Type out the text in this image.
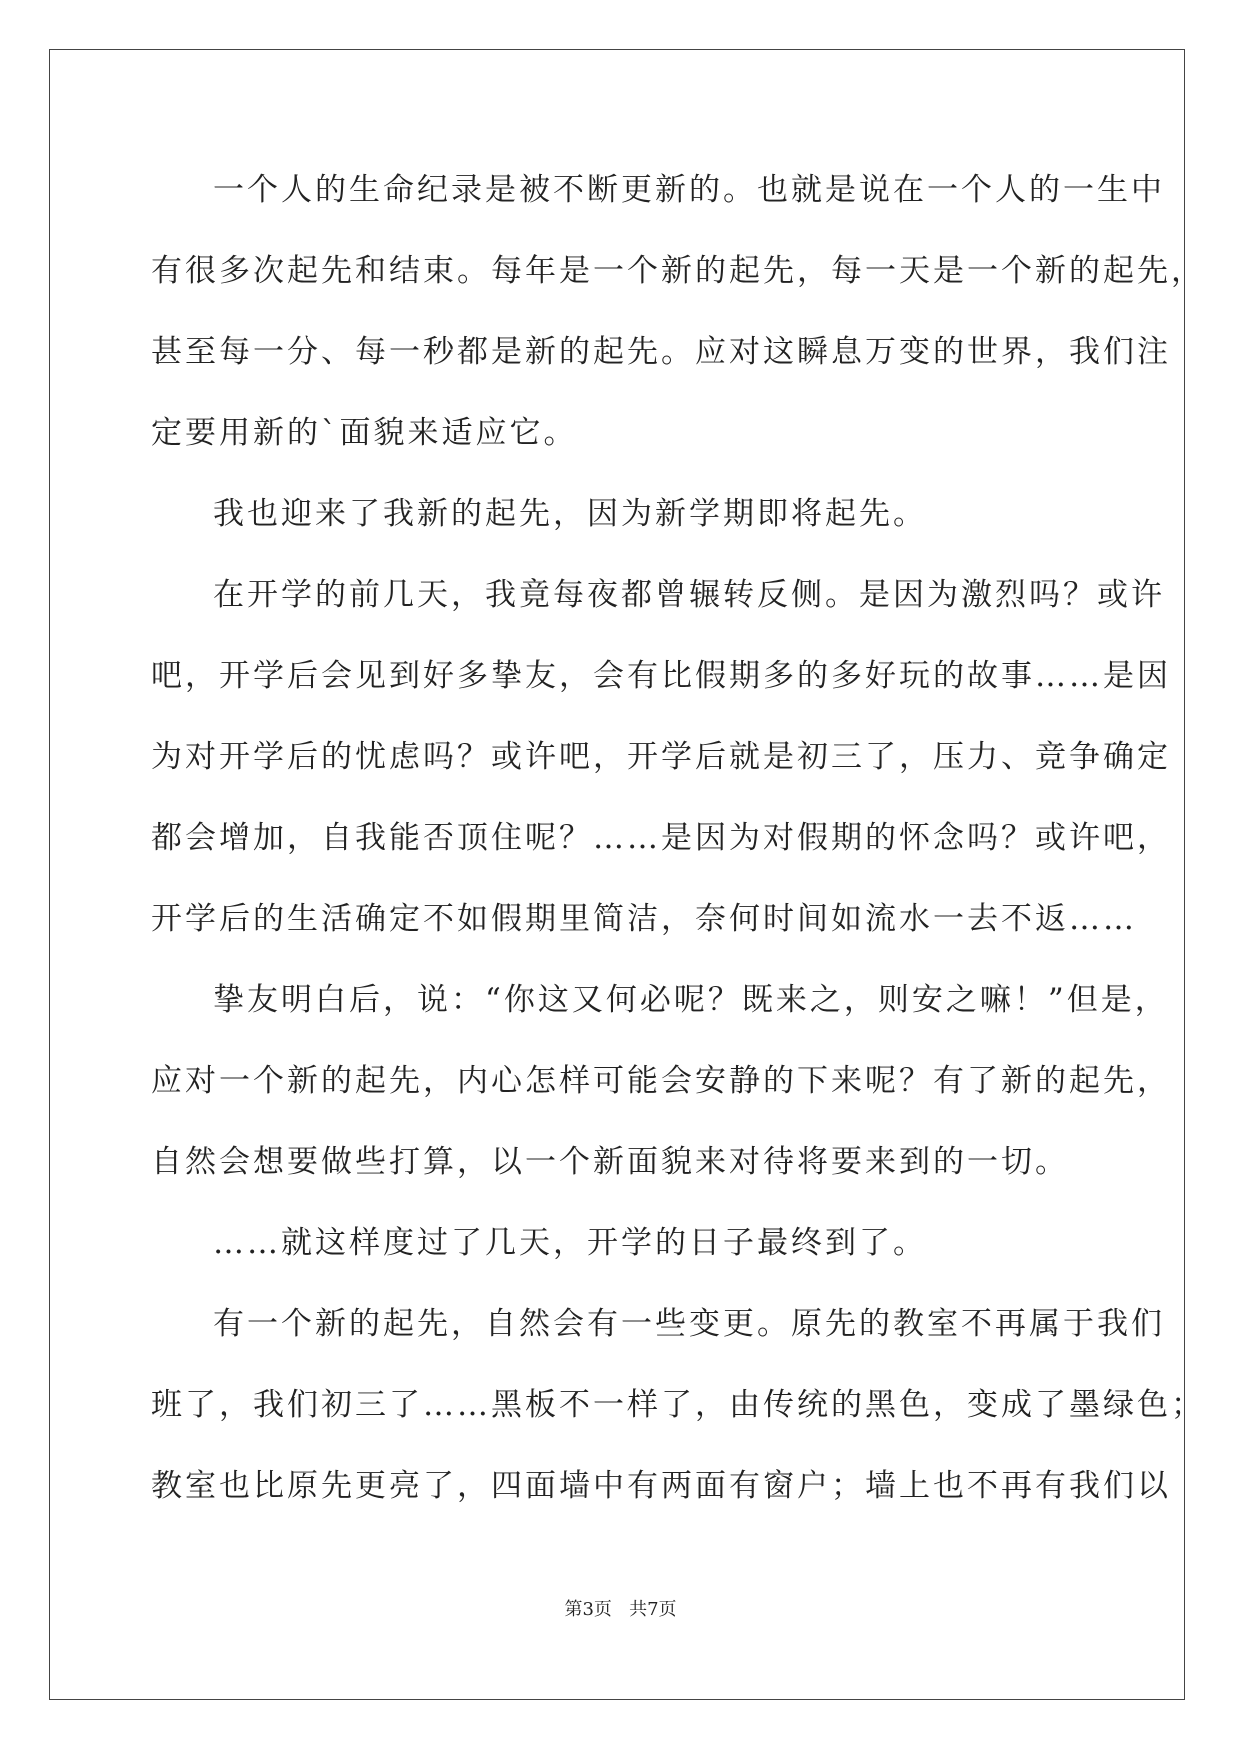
一个人的生命纪录是被不断更新的。也就是说在一个人的一生中
有很多次起先和结束。每年是一个新的起先，每一天是一个新的起先，
甚至每一分、每一秒都是新的起先。应对这瞬息万变的世界，我们注
定要用新的`面貌来适应它。
我也迎来了我新的起先，因为新学期即将起先。
在开学的前几天，我竟每夜都曾辗转反侧。是因为激烈吗？或许
吧，开学后会见到好多挚友，会有比假期多的多好玩的故事……是因
为对开学后的忧虑吗？或许吧，开学后就是初三了，压力、竞争确定
都会增加，自我能否顶住呢？……是因为对假期的怀念吗？或许吧，
开学后的生活确定不如假期里简洁，奈何时间如流水一去不返……
挚友明白后，说：“你这又何必呢？既来之，则安之嘛！”但是，
应对一个新的起先，内心怎样可能会安静的下来呢？有了新的起先，
自然会想要做些打算，以一个新面貌来对待将要来到的一切。
……就这样度过了几天，开学的日子最终到了。
有一个新的起先，自然会有一些变更。原先的教室不再属于我们
班了，我们初三了……黑板不一样了，由传统的黑色，变成了墨绿色；
教室也比原先更亮了，四面墙中有两面有窗户；墙上也不再有我们以
第3页 共7页
